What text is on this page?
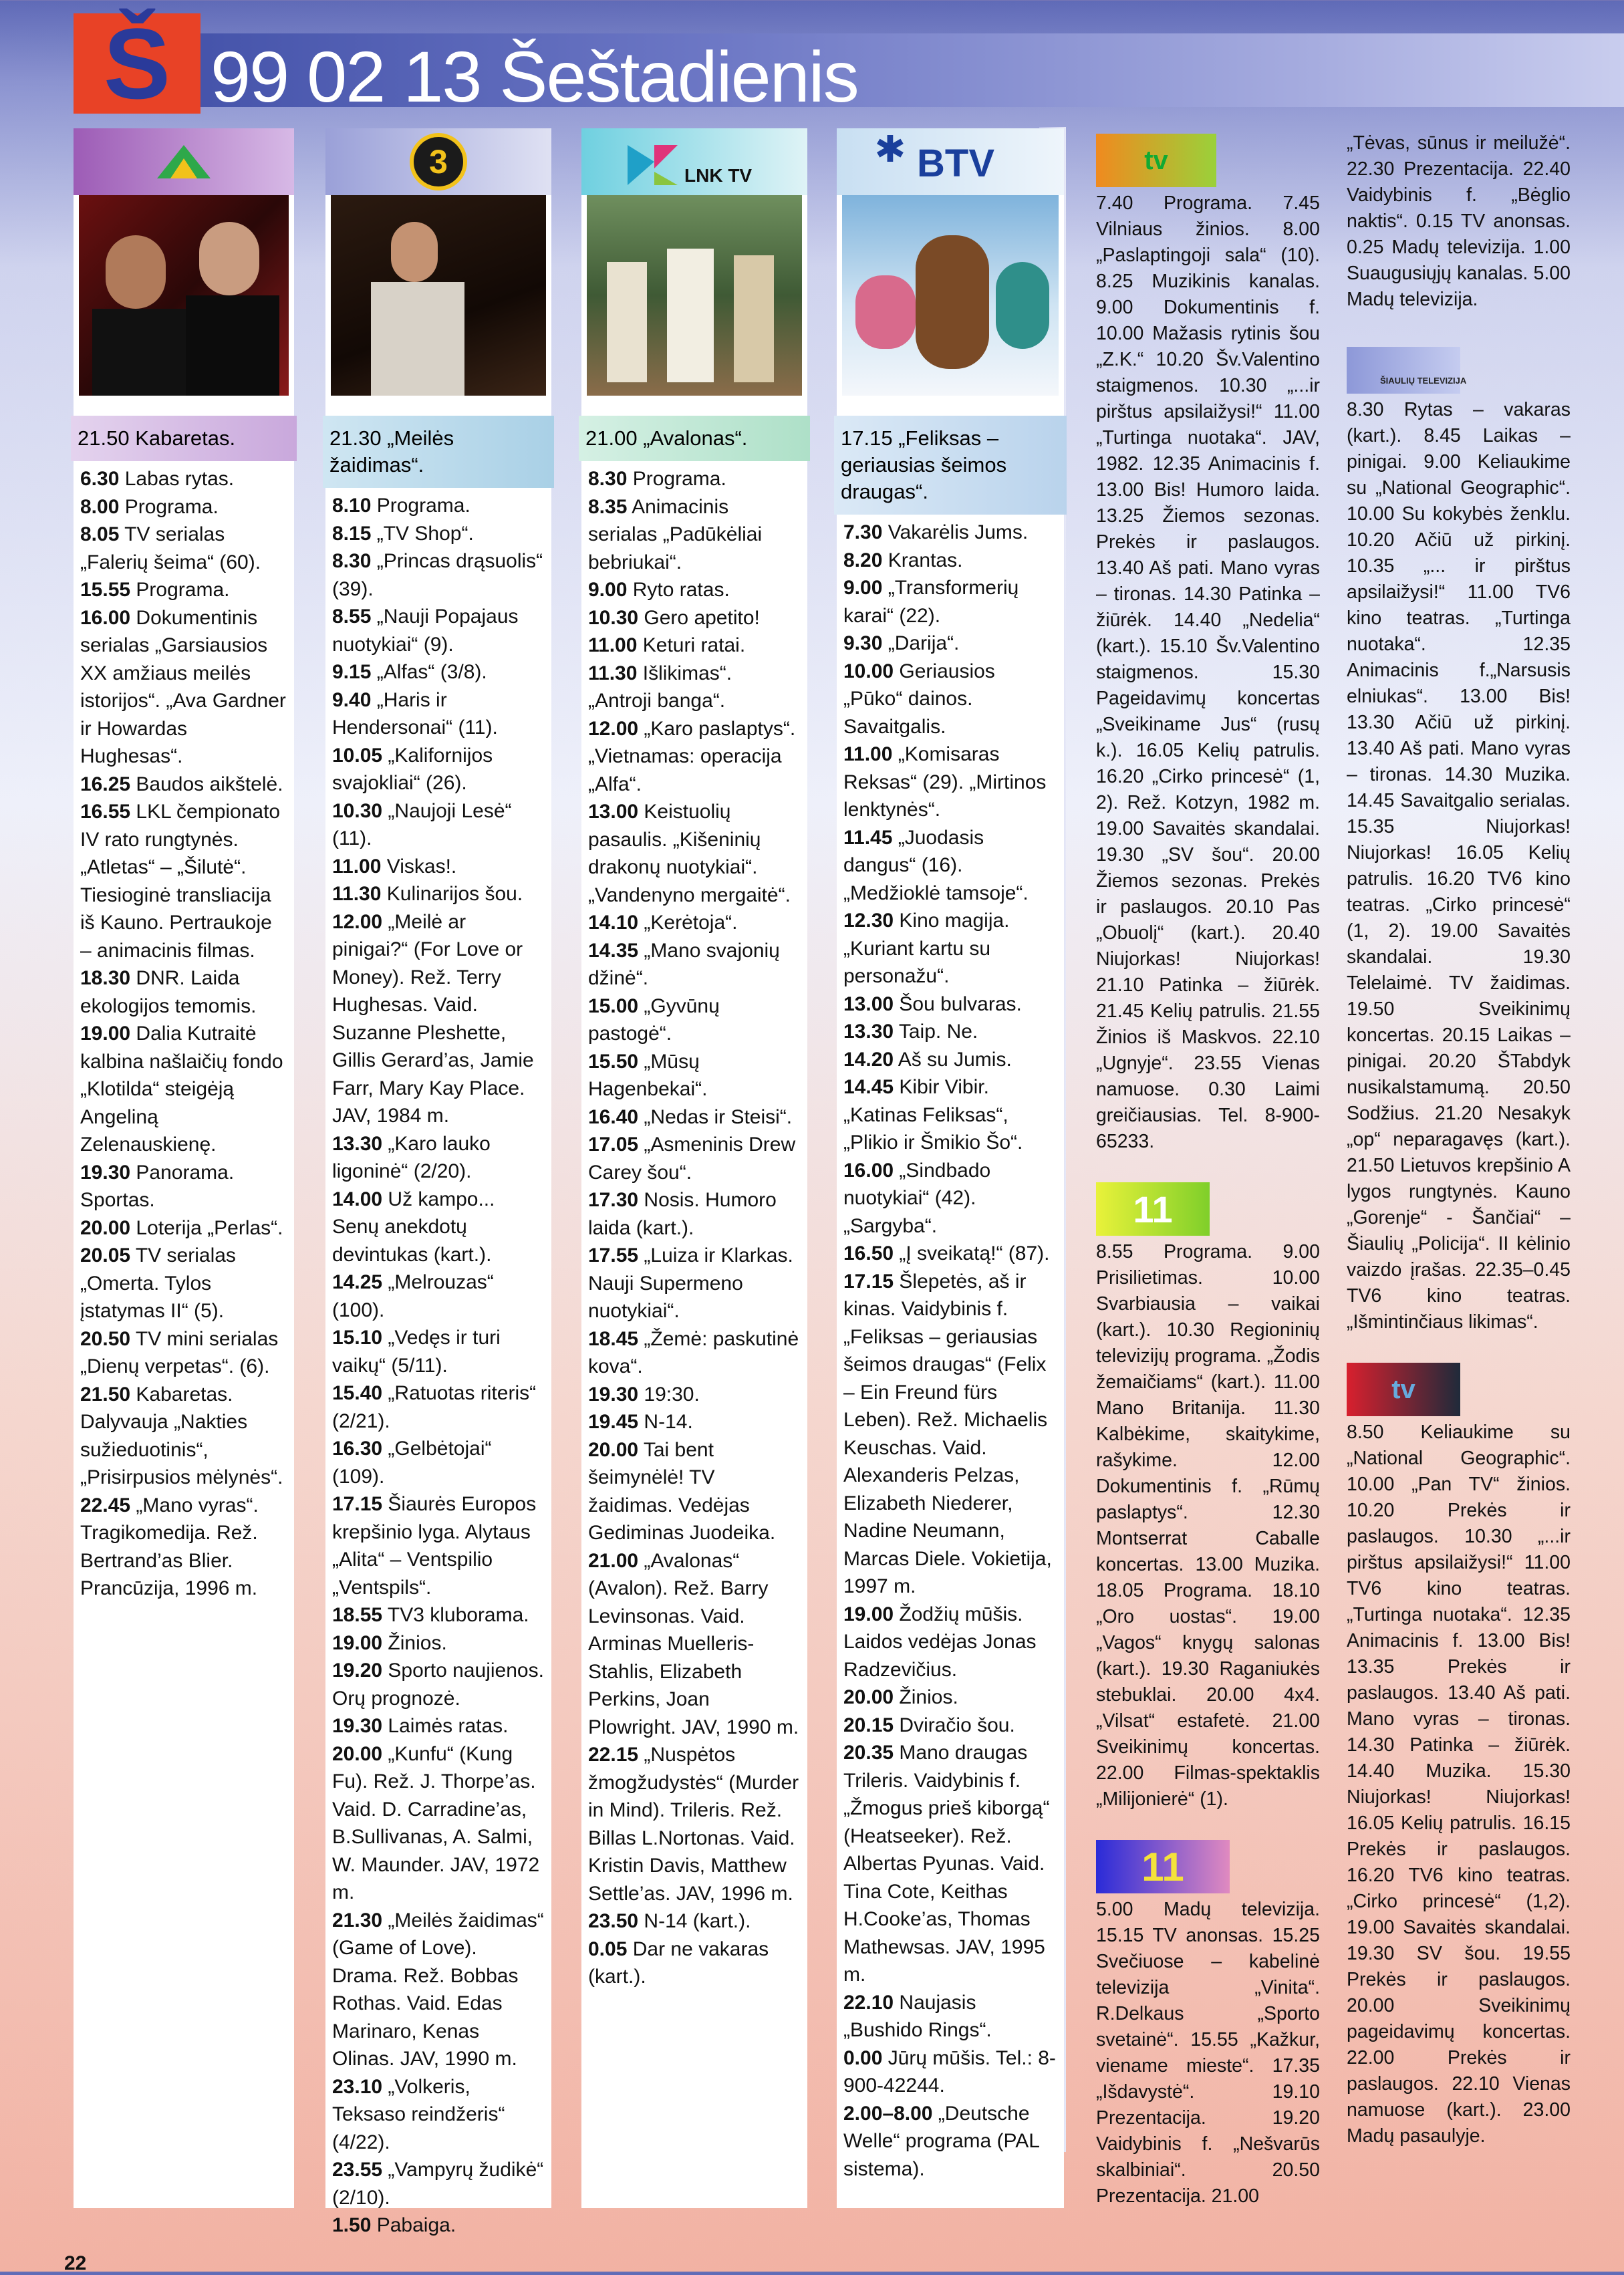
Š 99 02 13 Šeštadienis
21.50 Kabaretas.

6.30 Labas rytas.

8.00 Programa.

8.05 TV serialas „Falerių šeima“ (60).

15.55 Programa.

16.00 Dokumentinis serialas „Garsiausios XX amžiaus meilės istorijos“. „Ava Gardner ir Howardas Hughesas“.

16.25 Baudos aikštelė.

16.55 LKL čempionato IV rato rungtynės. „Atletas“ – „Šilutė“. Tiesioginė transliacija iš Kauno. Pertraukoje – animacinis filmas.

18.30 DNR. Laida ekologijos temomis.

19.00 Dalia Kutraitė kalbina našlaičių fondo „Klotilda“ steigėją Angeliną Zelenauskienę.

19.30 Panorama. Sportas.

20.00 Loterija „Perlas“.

20.05 TV serialas „Omerta. Tylos įstatymas II“ (5).

20.50 TV mini serialas „Dienų verpetas“. (6).

21.50 Kabaretas. Dalyvauja „Nakties sužieduotinis“, „Prisirpusios mėlynės“.

22.45 „Mano vyras“. Tragikomedija. Rež. Bertrand’as Blier. Prancūzija, 1996 m.

3
21.30 „Meilės žaidimas“.

8.10 Programa.

8.15 „TV Shop“.

8.30 „Princas drąsuolis“ (39).

8.55 „Nauji Popajaus nuotykiai“ (9).

9.15 „Alfas“ (3/8).

9.40 „Haris ir Hendersonai“ (11).

10.05 „Kalifornijos svajokliai“ (26).

10.30 „Naujoji Lesė“ (11).

11.00 Viskas!.

11.30 Kulinarijos šou.

12.00 „Meilė ar pinigai?“ (For Love or Money). Rež. Terry Hughesas. Vaid. Suzanne Pleshette, Gillis Gerard’as, Jamie Farr, Mary Kay Place. JAV, 1984 m.

13.30 „Karo lauko ligoninė“ (2/20).

14.00 Už kampo... Senų anekdotų devintukas (kart.).

14.25 „Melrouzas“ (100).

15.10 „Vedęs ir turi vaikų“ (5/11).

15.40 „Ratuotas riteris“ (2/21).

16.30 „Gelbėtojai“ (109).

17.15 Šiaurės Europos krepšinio lyga. Alytaus „Alita“ – Ventspilio „Ventspils“.

18.55 TV3 kluborama.

19.00 Žinios.

19.20 Sporto naujienos. Orų prognozė.

19.30 Laimės ratas.

20.00 „Kunfu“ (Kung Fu). Rež. J. Thorpe’as. Vaid. D. Carradine’as, B.Sullivanas, A. Salmi, W. Maunder. JAV, 1972 m.

21.30 „Meilės žaidimas“ (Game of Love). Drama. Rež. Bobbas Rothas. Vaid. Edas Marinaro, Kenas Olinas. JAV, 1990 m.

23.10 „Volkeris, Teksaso reindžeris“ (4/22).

23.55 „Vampyrų žudikė“ (2/10).

1.50 Pabaiga.

LNK TV
21.00 „Avalonas“.

8.30 Programa.

8.35 Animacinis serialas „Padūkėliai bebriukai“.

9.00 Ryto ratas.

10.30 Gero apetito!

11.00 Keturi ratai.

11.30 Išlikimas“. „Antroji banga“.

12.00 „Karo paslaptys“. „Vietnamas: operacija „Alfa“.

13.00 Keistuolių pasaulis. „Kišeninių drakonų nuotykiai“. „Vandenyno mergaitė“.

14.10 „Kerėtoja“.

14.35 „Mano svajonių džinė“.

15.00 „Gyvūnų pastogė“.

15.50 „Mūsų Hagenbekai“.

16.40 „Nedas ir Steisi“.

17.05 „Asmeninis Drew Carey šou“.

17.30 Nosis. Humoro laida (kart.).

17.55 „Luiza ir Klarkas. Nauji Supermeno nuotykiai“.

18.45 „Žemė: paskutinė kova“.

19.30 19:30.

19.45 N-14.

20.00 Tai bent šeimynėlė! TV žaidimas. Vedėjas Gediminas Juodeika.

21.00 „Avalonas“ (Avalon). Rež. Barry Levinsonas. Vaid. Arminas Muelleris-Stahlis, Elizabeth Perkins, Joan Plowright. JAV, 1990 m.

22.15 „Nuspėtos žmogžudystės“ (Murder in Mind). Trileris. Rež. Billas L.Nortonas. Vaid. Kristin Davis, Matthew Settle’as. JAV, 1996 m.

23.50 N-14 (kart.).

0.05 Dar ne vakaras (kart.).

✱ BTV
17.15 „Feliksas – geriausias šeimos draugas“.

7.30 Vakarėlis Jums.

8.20 Krantas.

9.00 „Transformerių karai“ (22).

9.30 „Darija“.

10.00 Geriausios „Pūko“ dainos. Savaitgalis.

11.00 „Komisaras Reksas“ (29). „Mirtinos lenktynės“.

11.45 „Juodasis dangus“ (16). „Medžioklė tamsoje“.

12.30 Kino magija. „Kuriant kartu su personažu“.

13.00 Šou bulvaras.

13.30 Taip. Ne.

14.20 Aš su Jumis.

14.45 Kibir Vibir. „Katinas Feliksas“, „Plikio ir Šmikio Šo“.

16.00 „Sindbado nuotykiai“ (42). „Sargyba“.

16.50 „Į sveikatą!“ (87).

17.15 Šlepetės, aš ir kinas. Vaidybinis f. „Feliksas – geriausias šeimos draugas“ (Felix – Ein Freund fürs Leben). Rež. Michaelis Keuschas. Vaid. Alexanderis Pelzas, Elizabeth Niederer, Nadine Neumann, Marcas Diele. Vokietija, 1997 m.

19.00 Žodžių mūšis. Laidos vedėjas Jonas Radzevičius.

20.00 Žinios.

20.15 Dviračio šou.

20.35 Mano draugas Trileris. Vaidybinis f. „Žmogus prieš kiborgą“ (Heatseeker). Rež. Albertas Pyunas. Vaid. Tina Cote, Keithas H.Cooke’as, Thomas Mathewsas. JAV, 1995 m.

22.10 Naujasis „Bushido Rings“.

0.00 Jūrų mūšis. Tel.: 8-900-42244.

2.00–8.00 „Deutsche Welle“ programa (PAL sistema).

tv
7.40 Programa. 7.45 Vilniaus žinios. 8.00 „Paslaptingoji sala“ (10). 8.25 Muzikinis kanalas. 9.00 Dokumentinis f. 10.00 Mažasis rytinis šou „Z.K.“ 10.20 Šv.Valentino staigmenos. 10.30 „...ir pirštus apsilaižysi!“ 11.00 „Turtinga nuotaka“. JAV, 1982. 12.35 Animacinis f. 13.00 Bis! Humoro laida. 13.25 Žiemos sezonas. Prekės ir paslaugos. 13.40 Aš pati. Mano vyras – tironas. 14.30 Patinka – žiūrėk. 14.40 „Nedelia“ (kart.). 15.10 Šv.Valentino staigmenos. 15.30 Pageidavimų koncertas „Sveikiname Jus“ (rusų k.). 16.05 Kelių patrulis. 16.20 „Cirko princesė“ (1, 2). Rež. Kotzyn, 1982 m. 19.00 Savaitės skandalai. 19.30 „SV šou“. 20.00 Žiemos sezonas. Prekės ir paslaugos. 20.10 Pas „Obuolį“ (kart.). 20.40 Niujorkas! Niujorkas! 21.10 Patinka – žiūrėk. 21.45 Kelių patrulis. 21.55 Žinios iš Maskvos. 22.10 „Ugnyje“. 23.55 Vienas namuose. 0.30 Laimi greičiausias. Tel. 8-900-65233.
11
8.55 Programa. 9.00 Prisilietimas. 10.00 Svarbiausia – vaikai (kart.). 10.30 Regioninių televizijų programa. „Žodis žemaičiams“ (kart.). 11.00 Mano Britanija. 11.30 Kalbėkime, skaitykime, rašykime. 12.00 Dokumentinis f. „Rūmų paslaptys“. 12.30 Montserrat Caballe koncertas. 13.00 Muzika. 18.05 Programa. 18.10 „Oro uostas“. 19.00 „Vagos“ knygų salonas (kart.). 19.30 Raganiukės stebuklai. 20.00 4x4. „Vilsat“ estafetė. 21.00 Sveikinimų koncertas. 22.00 Filmas-spektaklis „Milijonierė“ (1).
11
5.00 Madų televizija. 15.15 TV anonsas. 15.25 Svečiuose – kabelinė televizija „Vinita“. R.Delkaus „Sporto svetainė“. 15.55 „Kažkur, viename mieste“. 17.35 „Išdavystė“. 19.10 Prezentacija. 19.20 Vaidybinis f. „Nešvarūs skalbiniai“. 20.50 Prezentacija. 21.00
„Tėvas, sūnus ir meilužė“. 22.30 Prezentacija. 22.40 Vaidybinis f. „Bėglio naktis“. 0.15 TV anonsas. 0.25 Madų televizija. 1.00 Suaugusiųjų kanalas. 5.00 Madų televizija.
ŠIAULIŲ TELEVIZIJA
8.30 Rytas – vakaras (kart.). 8.45 Laikas – pinigai. 9.00 Keliaukime su „National Geographic“. 10.00 Su kokybės ženklu. 10.20 Ačiū už pirkinį. 10.35 „... ir pirštus apsilaižysi!“ 11.00 TV6 kino teatras. „Turtinga nuotaka“. 12.35 Animacinis f.„Narsusis elniukas“. 13.00 Bis! 13.30 Ačiū už pirkinį. 13.40 Aš pati. Mano vyras – tironas. 14.30 Muzika. 14.45 Savaitgalio serialas. 15.35 Niujorkas! Niujorkas! 16.05 Kelių patrulis. 16.20 TV6 kino teatras. „Cirko princesė“ (1, 2). 19.00 Savaitės skandalai. 19.30 Telelaimė. TV žaidimas. 19.50 Sveikinimų koncertas. 20.15 Laikas – pinigai. 20.20 ŠTabdyk nusikalstamumą. 20.50 Sodžius. 21.20 Nesakyk „op“ neparagavęs (kart.). 21.50 Lietuvos krepšinio A lygos rungtynės. Kauno „Gorenje“ - Šančiai“ – Šiaulių „Policija“. II kėlinio vaizdo įrašas. 22.35–0.45 TV6 kino teatras. „Išmintinčiaus likimas“.
tv
8.50 Keliaukime su „National Geographic“. 10.00 „Pan TV“ žinios. 10.20 Prekės ir paslaugos. 10.30 „...ir pirštus apsilaižysi!“ 11.00 TV6 kino teatras. „Turtinga nuotaka“. 12.35 Animacinis f. 13.00 Bis! 13.35 Prekės ir paslaugos. 13.40 Aš pati. Mano vyras – tironas. 14.30 Patinka – žiūrėk. 14.40 Muzika. 15.30 Niujorkas! Niujorkas! 16.05 Kelių patrulis. 16.15 Prekės ir paslaugos. 16.20 TV6 kino teatras. „Cirko princesė“ (1,2). 19.00 Savaitės skandalai. 19.30 SV šou. 19.55 Prekės ir paslaugos. 20.00 Sveikinimų pageidavimų koncertas. 22.00 Prekės ir paslaugos. 22.10 Vienas namuose (kart.). 23.00 Madų pasaulyje.
22
